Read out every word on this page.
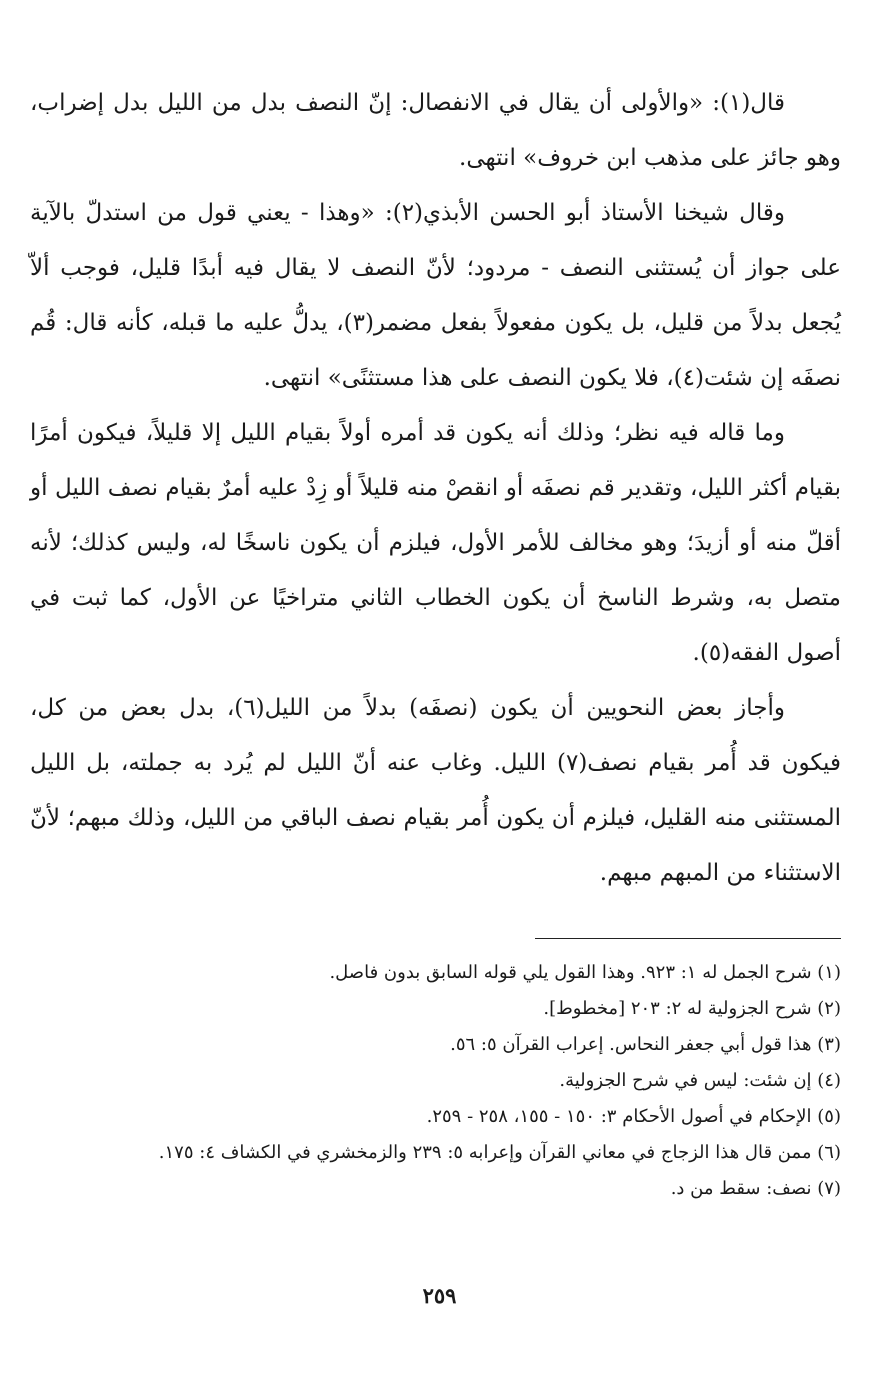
قال(١): «والأولى أن يقال في الانفصال: إنّ النصف بدل من الليل بدل إضراب، وهو جائز على مذهب ابن خروف» انتهى.

وقال شيخنا الأستاذ أبو الحسن الأبذي(٢): «وهذا - يعني قول من استدلّ بالآية على جواز أن يُستثنى النصف - مردود؛ لأنّ النصف لا يقال فيه أبدًا قليل، فوجب ألاّ يُجعل بدلاً من قليل، بل يكون مفعولاً بفعل مضمر(٣)، يدلُّ عليه ما قبله، كأنه قال: قُم نصفَه إن شئت(٤)، فلا يكون النصف على هذا مستثنًى» انتهى.

وما قاله فيه نظر؛ وذلك أنه يكون قد أمره أولاً بقيام الليل إلا قليلاً، فيكون أمرًا بقيام أكثر الليل، وتقدير قم نصفَه أو انقصْ منه قليلاً أو زِدْ عليه أمرٌ بقيام نصف الليل أو أقلّ منه أو أزيدَ؛ وهو مخالف للأمر الأول، فيلزم أن يكون ناسخًا له، وليس كذلك؛ لأنه متصل به، وشرط الناسخ أن يكون الخطاب الثاني متراخيًا عن الأول، كما ثبت في أصول الفقه(٥).

وأجاز بعض النحويين أن يكون (نصفَه) بدلاً من الليل(٦)، بدل بعض من كل، فيكون قد أُمر بقيام نصف(٧) الليل. وغاب عنه أنّ الليل لم يُرد به جملته، بل الليل المستثنى منه القليل، فيلزم أن يكون أُمر بقيام نصف الباقي من الليل، وذلك مبهم؛ لأنّ الاستثناء من المبهم مبهم.

(١) شرح الجمل له ١: ٩٢٣. وهذا القول يلي قوله السابق بدون فاصل.

(٢) شرح الجزولية له ٢: ٢٠٣ [مخطوط].

(٣) هذا قول أبي جعفر النحاس. إعراب القرآن ٥: ٥٦.

(٤) إن شئت: ليس في شرح الجزولية.

(٥) الإحكام في أصول الأحكام ٣: ١٥٠ - ١٥٥، ٢٥٨ - ٢٥٩.

(٦) ممن قال هذا الزجاج في معاني القرآن وإعرابه ٥: ٢٣٩ والزمخشري في الكشاف ٤: ١٧٥.

(٧) نصف: سقط من د.

٢٥٩
